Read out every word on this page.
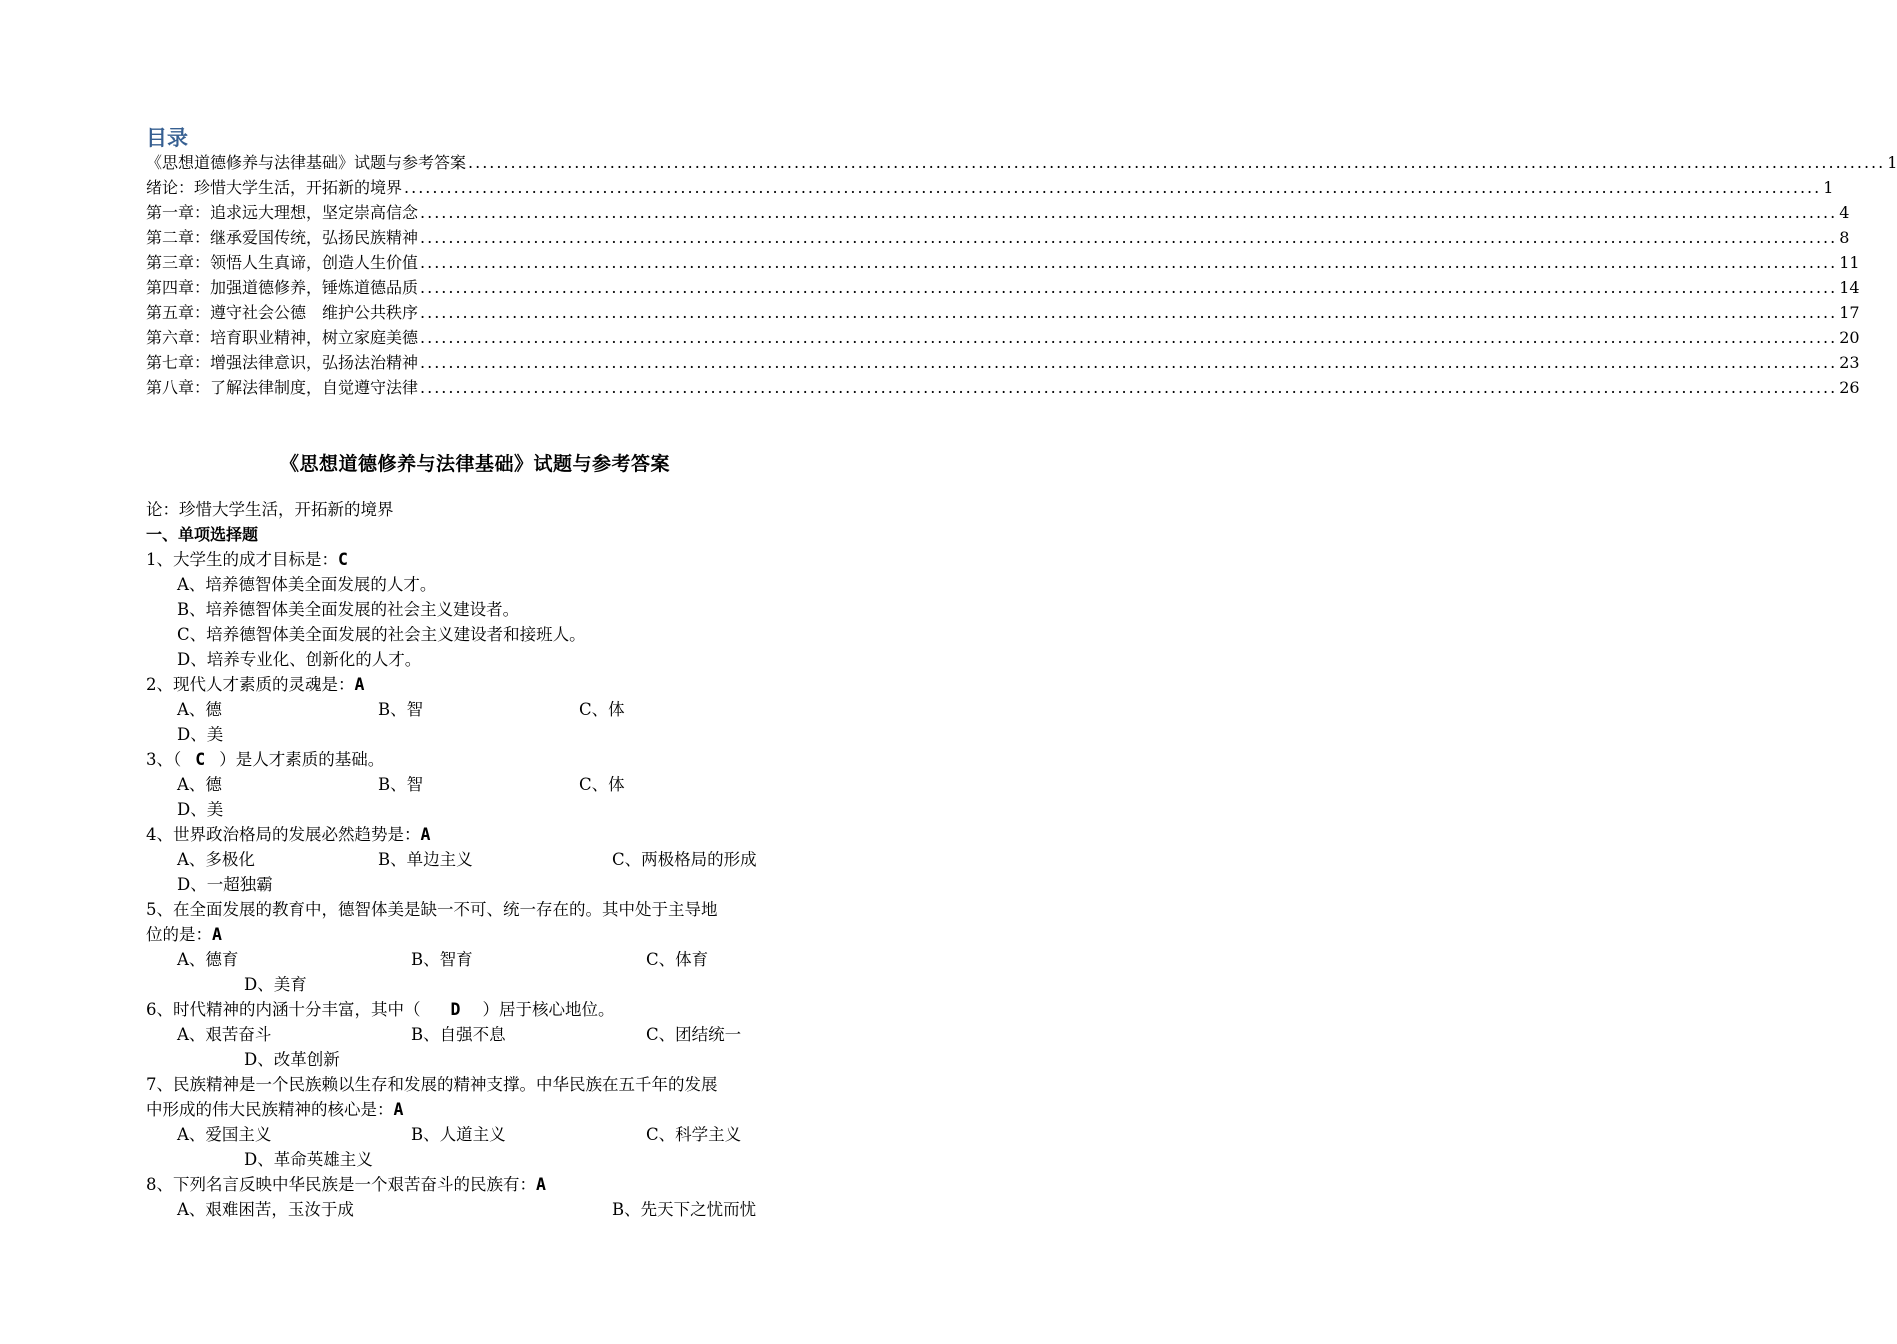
目录
《思想道德修养与法律基础》试题与参考答案 ........................................................................................................................................................................................................ 1
绪论：珍惜大学生活，开拓新的境界 ........................................................................................................................................................................................................ 1
第一章：追求远大理想，坚定崇高信念 ........................................................................................................................................................................................................ 4
第二章：继承爱国传统，弘扬民族精神 ........................................................................................................................................................................................................ 8
第三章：领悟人生真谛，创造人生价值 ........................................................................................................................................................................................................ 11
第四章：加强道德修养，锤炼道德品质 ........................................................................................................................................................................................................ 14
第五章：遵守社会公德　维护公共秩序 ........................................................................................................................................................................................................ 17
第六章：培育职业精神，树立家庭美德 ........................................................................................................................................................................................................ 20
第七章：增强法律意识，弘扬法治精神 ........................................................................................................................................................................................................ 23
第八章：了解法律制度，自觉遵守法律 ........................................................................................................................................................................................................ 26
《思想道德修养与法律基础》试题与参考答案
论：珍惜大学生活，开拓新的境界
一、单项选择题
1、大学生的成才目标是：C
A、培养德智体美全面发展的人才。
B、培养德智体美全面发展的社会主义建设者。
C、培养德智体美全面发展的社会主义建设者和接班人。
D、培养专业化、创新化的人才。
2、现代人才素质的灵魂是：A
A、德	B、智	C、体
D、美
3、（ C ）是人才素质的基础。
A、德	B、智	C、体
D、美
4、世界政治格局的发展必然趋势是：A
A、多极化	B、单边主义	C、两极格局的形成
D、一超独霸
5、在全面发展的教育中，德智体美是缺一不可、统一存在的。其中处于主导地
位的是：A
A、德育	B、智育	C、体育
D、美育
6、时代精神的内涵十分丰富，其中（ D ）居于核心地位。
A、艰苦奋斗	B、自强不息	C、团结统一
D、改革创新
7、民族精神是一个民族赖以生存和发展的精神支撑。中华民族在五千年的发展
中形成的伟大民族精神的核心是：A
A、爱国主义	B、人道主义	C、科学主义
D、革命英雄主义
8、下列名言反映中华民族是一个艰苦奋斗的民族有：A
A、艰难困苦，玉汝于成	B、先天下之忧而忧
